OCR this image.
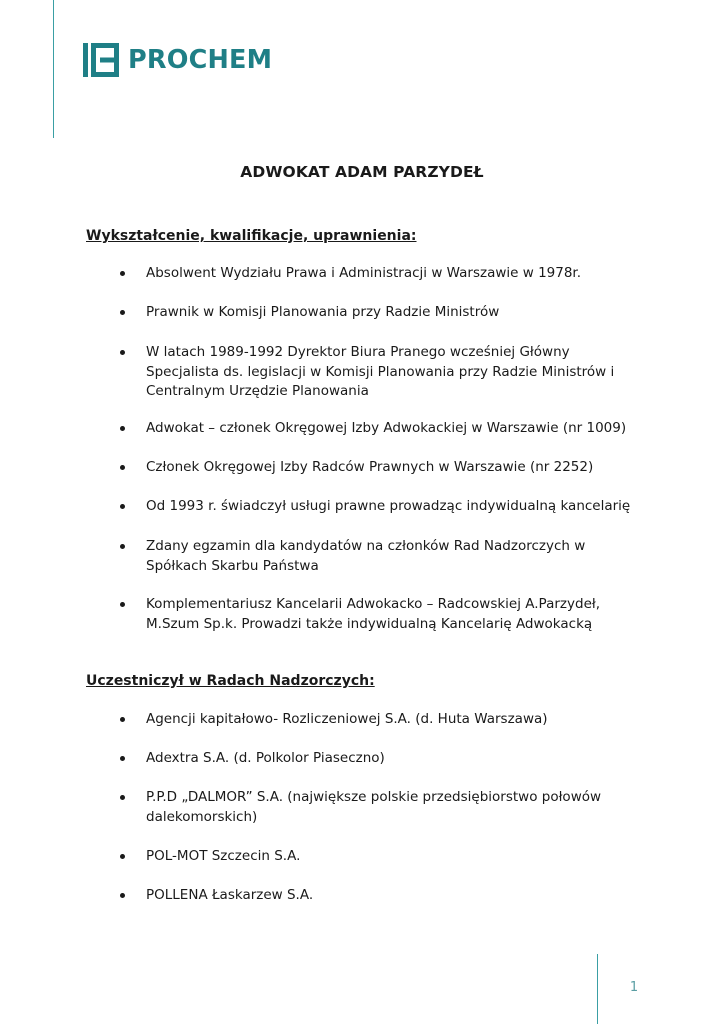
PROCHEM
ADWOKAT ADAM PARZYDEŁ
Wykształcenie, kwalifikacje, uprawnienia:
Absolwent Wydziału Prawa i Administracji w Warszawie w 1978r.
Prawnik w Komisji Planowania przy Radzie Ministrów
W latach 1989-1992 Dyrektor Biura Pranego wcześniej Główny Specjalista ds. legislacji w Komisji Planowania przy Radzie Ministrów i Centralnym Urzędzie Planowania
Adwokat – członek Okręgowej Izby Adwokackiej w Warszawie (nr 1009)
Członek Okręgowej Izby Radców Prawnych w Warszawie (nr 2252)
Od 1993 r. świadczył usługi prawne prowadząc indywidualną kancelarię
Zdany egzamin dla kandydatów na członków Rad Nadzorczych w Spółkach Skarbu Państwa
Komplementariusz Kancelarii Adwokacko – Radcowskiej A.Parzydeł, M.Szum Sp.k. Prowadzi także indywidualną Kancelarię Adwokacką
Uczestniczył w Radach Nadzorczych:
Agencji kapitałowo- Rozliczeniowej S.A. (d. Huta Warszawa)
Adextra S.A. (d. Polkolor Piaseczno)
P.P.D „DALMOR” S.A. (największe polskie przedsiębiorstwo połowów dalekomorskich)
POL-MOT Szczecin S.A.
POLLENA Łaskarzew S.A.
1
